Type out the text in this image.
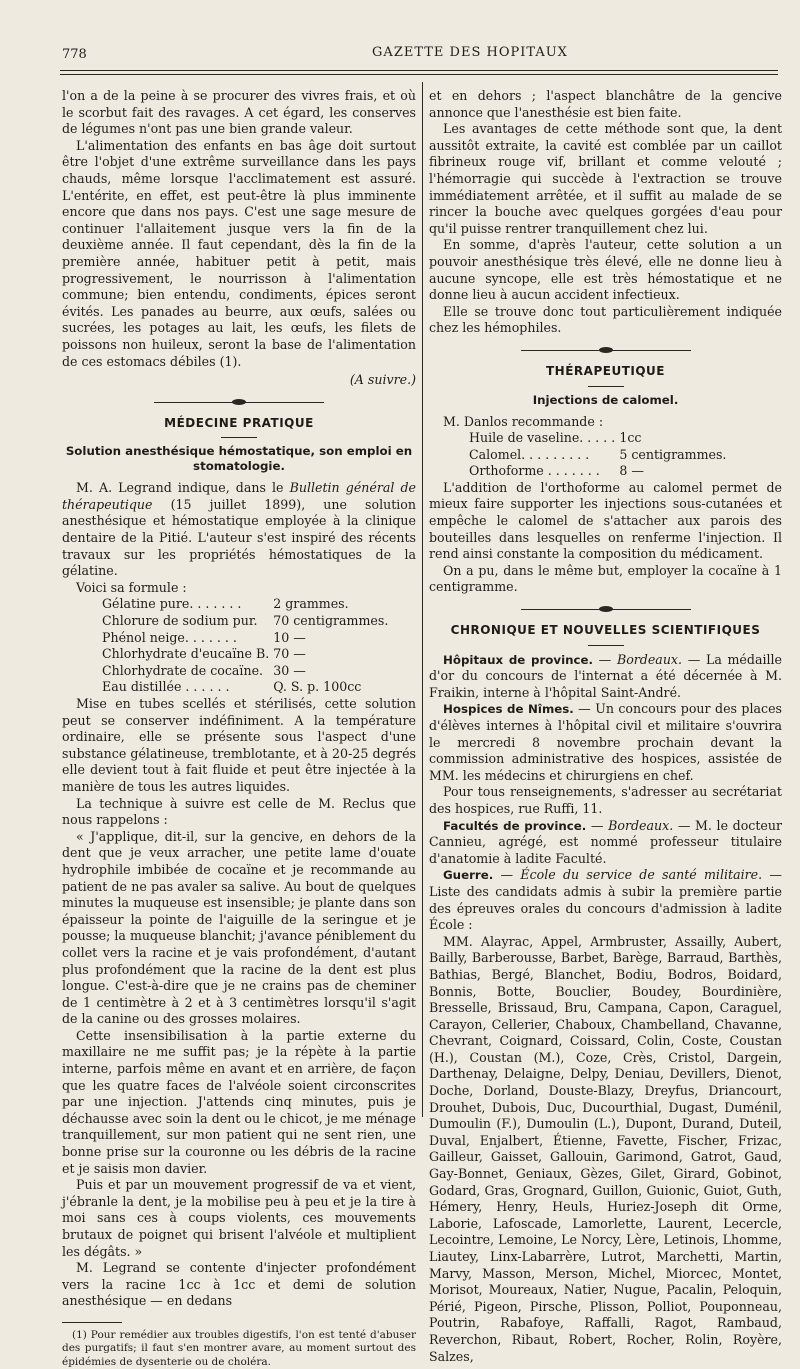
778	GAZETTE DES HOPITAUX

l'on a de la peine à se procurer des vivres frais, et où le scorbut fait des ravages. A cet égard, les conserves de légumes n'ont pas une bien grande valeur.

L'alimentation des enfants en bas âge doit surtout être l'objet d'une extrême surveillance dans les pays chauds, même lorsque l'acclimatement est assuré. L'entérite, en effet, est peut-être là plus imminente encore que dans nos pays. C'est une sage mesure de continuer l'allaitement jusque vers la fin de la deuxième année. Il faut cependant, dès la fin de la première année, habituer petit à petit, mais progressivement, le nourrisson à l'alimentation commune; bien entendu, condiments, épices seront évités. Les panades au beurre, aux œufs, salées ou sucrées, les potages au lait, les œufs, les filets de poissons non huileux, seront la base de l'alimentation de ces estomacs débiles (1).

(A suivre.)
MÉDECINE PRATIQUE
Solution anesthésique hémostatique, son emploi en stomatologie.

M. A. Legrand indique, dans le Bulletin général de thérapeutique (15 juillet 1899), une solution anesthésique et hémostatique employée à la clinique dentaire de la Pitié. L'auteur s'est inspiré des récents travaux sur les propriétés hémostatiques de la gélatine.

Voici sa formule :

Gélatine pure. . . . . . .	2 grammes.
Chlorure de sodium pur.	70 centigrammes.
Phénol neige. . . . . . .	10 —
Chlorhydrate d'eucaïne B.	70 —
Chlorhydrate de cocaïne.	30 —
Eau distillée . . . . . .	Q. S. p. 100cc

Mise en tubes scellés et stérilisés, cette solution peut se conserver indéfiniment. A la température ordinaire, elle se présente sous l'aspect d'une substance gélatineuse, tremblotante, et à 20-25 degrés elle devient tout à fait fluide et peut être injectée à la manière de tous les autres liquides.

La technique à suivre est celle de M. Reclus que nous rappelons :

« J'applique, dit-il, sur la gencive, en dehors de la dent que je veux arracher, une petite lame d'ouate hydrophile imbibée de cocaïne et je recommande au patient de ne pas avaler sa salive. Au bout de quelques minutes la muqueuse est insensible; je plante dans son épaisseur la pointe de l'aiguille de la seringue et je pousse; la muqueuse blanchit; j'avance péniblement du collet vers la racine et je vais profondément, d'autant plus profondément que la racine de la dent est plus longue. C'est-à-dire que je ne crains pas de cheminer de 1 centimètre à 2 et à 3 centimètres lorsqu'il s'agit de la canine ou des grosses molaires.

Cette insensibilisation à la partie externe du maxillaire ne me suffit pas; je la répète à la partie interne, parfois même en avant et en arrière, de façon que les quatre faces de l'alvéole soient circonscrites par une injection. J'attends cinq minutes, puis je déchausse avec soin la dent ou le chicot, je me ménage tranquillement, sur mon patient qui ne sent rien, une bonne prise sur la couronne ou les débris de la racine et je saisis mon davier.

Puis et par un mouvement progressif de va et vient, j'ébranle la dent, je la mobilise peu à peu et je la tire à moi sans ces à coups violents, ces mouvements brutaux de poignet qui brisent l'alvéole et multiplient les dégâts. »

M. Legrand se contente d'injecter profondément vers la racine 1cc à 1cc et demi de solution anesthésique — en dedans

(1) Pour remédier aux troubles digestifs, l'on est tenté d'abuser des purgatifs; il faut s'en montrer avare, au moment surtout des épidémies de dysenterie ou de choléra.

et en dehors ; l'aspect blanchâtre de la gencive annonce que l'anesthésie est bien faite.

Les avantages de cette méthode sont que, la dent aussitôt extraite, la cavité est comblée par un caillot fibrineux rouge vif, brillant et comme velouté ; l'hémorragie qui succède à l'extraction se trouve immédiatement arrêtée, et il suffit au malade de se rincer la bouche avec quelques gorgées d'eau pour qu'il puisse rentrer tranquillement chez lui.

En somme, d'après l'auteur, cette solution a un pouvoir anesthésique très élevé, elle ne donne lieu à aucune syncope, elle est très hémostatique et ne donne lieu à aucun accident infectieux.

Elle se trouve donc tout particulièrement indiquée chez les hémophiles.

THÉRAPEUTIQUE
Injections de calomel.

M. Danlos recommande :

Huile de vaseline. . . . .	1cc
Calomel. . . . . . . . .	5 centigrammes.
Orthoforme . . . . . . .	8 —

L'addition de l'orthoforme au calomel permet de mieux faire supporter les injections sous-cutanées et empêche le calomel de s'attacher aux parois des bouteilles dans lesquelles on renferme l'injection. Il rend ainsi constante la composition du médicament.

On a pu, dans le même but, employer la cocaïne à 1 centigramme.

CHRONIQUE ET NOUVELLES SCIENTIFIQUES

Hôpitaux de province. — Bordeaux. — La médaille d'or du concours de l'internat a été décernée à M. Fraikin, interne à l'hôpital Saint-André.

Hospices de Nîmes. — Un concours pour des places d'élèves internes à l'hôpital civil et militaire s'ouvrira le mercredi 8 novembre prochain devant la commission administrative des hospices, assistée de MM. les médecins et chirurgiens en chef.

Pour tous renseignements, s'adresser au secrétariat des hospices, rue Ruffi, 11.

Facultés de province. — Bordeaux. — M. le docteur Cannieu, agrégé, est nommé professeur titulaire d'anatomie à ladite Faculté.

Guerre. — École du service de santé militaire. — Liste des candidats admis à subir la première partie des épreuves orales du concours d'admission à ladite École :

MM. Alayrac, Appel, Armbruster, Assailly, Aubert, Bailly, Barberousse, Barbet, Barège, Barraud, Barthès, Bathias, Bergé, Blanchet, Bodiu, Bodros, Boidard, Bonnis, Botte, Bouclier, Boudey, Bourdinière, Bresselle, Brissaud, Bru, Campana, Capon, Caraguel, Carayon, Cellerier, Chaboux, Chambelland, Chavanne, Chevrant, Coignard, Coissard, Colin, Coste, Coustan (H.), Coustan (M.), Coze, Crès, Cristol, Dargein, Darthenay, Delaigne, Delpy, Deniau, Devillers, Dienot, Doche, Dorland, Douste-Blazy, Dreyfus, Driancourt, Drouhet, Dubois, Duc, Ducourthial, Dugast, Duménil, Dumoulin (F.), Dumoulin (L.), Dupont, Durand, Duteil, Duval, Enjalbert, Étienne, Favette, Fischer, Frizac, Gailleur, Gaisset, Gallouin, Garimond, Gatrot, Gaud, Gay-Bonnet, Geniaux, Gèzes, Gilet, Girard, Gobinot, Godard, Gras, Grognard, Guillon, Guionic, Guiot, Guth, Hémery, Henry, Heuls, Huriez-Joseph dit Orme, Laborie, Lafoscade, Lamorlette, Laurent, Lecercle, Lecointre, Lemoine, Le Norcy, Lère, Letinois, Lhomme, Liautey, Linx-Labarrère, Lutrot, Marchetti, Martin, Marvy, Masson, Merson, Michel, Miorcec, Montet, Morisot, Moureaux, Natier, Nugue, Pacalin, Peloquin, Périé, Pigeon, Pirsche, Plisson, Polliot, Pouponneau, Poutrin, Rabafoye, Raffalli, Ragot, Rambaud, Reverchon, Ribaut, Robert, Rocher, Rolin, Royère, Salzes,
